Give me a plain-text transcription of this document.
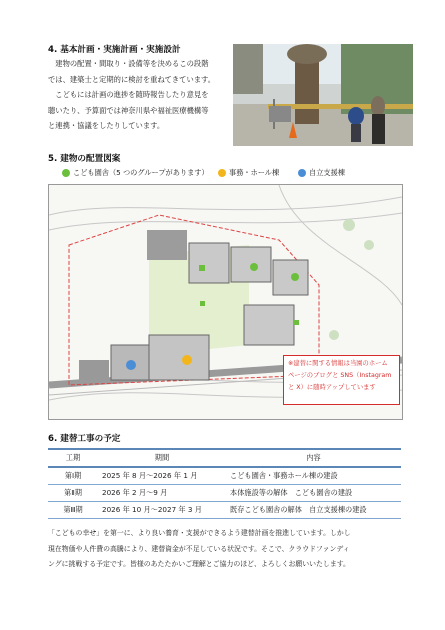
4. 基本計画・実施計画・実施設計
　建物の配置・間取り・設備等を決めるこの段階
では、建築士と定期的に検討を重ねてきています。
　こどもには計画の進捗を随時報告したり意見を
聴いたり、予算面では神奈川県や福祉医療機構等
と連携・協議をしたりしています。
5. 建物の配置図案
こども園舎（5 つのグループがあります）	事務・ホール棟	自立支援棟
※建替に関する情報は当園のホーム
ページのブログと SNS（Instagram
と X）に随時アップしています
6. 建替工事の予定
工期	期間	内容
第Ⅰ期	2025 年 8 月〜2026 年 1 月	こども園舎・事務ホール棟の建設
第Ⅱ期	2026 年 2 月〜9 月	本体施設等の解体　こども園舎の建設
第Ⅲ期	2026 年 10 月〜2027 年 3 月	既存こども園舎の解体　自立支援棟の建設
「こどもの幸せ」を第一に、より良い養育・支援ができるよう建替計画を推進しています。しかし
現在物価や人件費の高騰により、建替資金が不足している状況です。そこで、クラウドファンディ
ングに挑戦する予定です。皆様のあたたかいご理解とご協力のほど、よろしくお願いいたします。
